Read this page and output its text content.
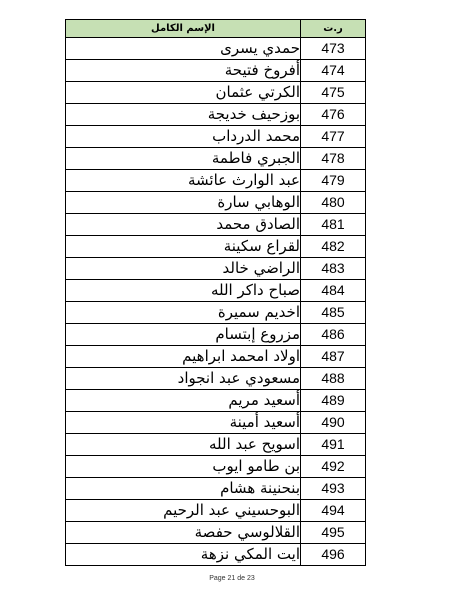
الإسم الكامل	ر.ت
حمدي يسرى	473
أفروخ فتيحة	474
الكرتي عثمان	475
بوزحيف خديجة	476
محمد الدرداب	477
الجبري فاطمة	478
عبد الوارث عائشة	479
الوهابي سارة	480
الصادق محمد	481
لقراع سكينة	482
الراضي خالد	483
صباح داكر الله	484
اخديم سميرة	485
مزروع إبتسام	486
اولاد امحمد ابراهيم	487
مسعودي عبد انجواد	488
أسعيد مريم	489
أسعيد أمينة	490
اسويح عبد الله	491
بن طامو ايوب	492
بنحنينة هشام	493
البوحسيني عبد الرحيم	494
القلالوسي حفصة	495
ايت المكي نزهة	496
Page 21 de 23
